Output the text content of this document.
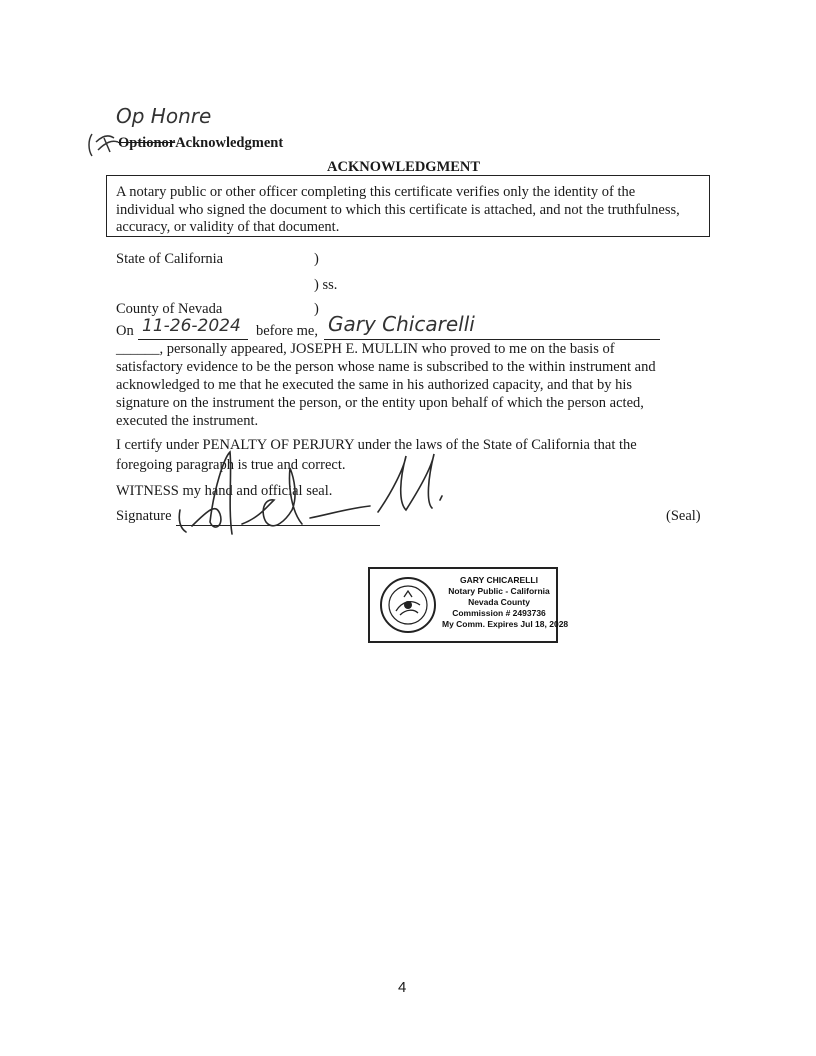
Op Honre
OptionorAcknowledgment
ACKNOWLEDGMENT
A notary public or other officer completing this certificate verifies only the identity of the
individual who signed the document to which this certificate is attached, and not the truthfulness,
accuracy, or validity of that document.
State of California	)
) ss.
County of Nevada	)
On 11-26-2024 before me, Gary Chicarelli
______, personally appeared, JOSEPH E. MULLIN who proved to me on the basis of
satisfactory evidence to be the person whose name is subscribed to the within instrument and
acknowledged to me that he executed the same in his authorized capacity, and that by his
signature on the instrument the person, or the entity upon behalf of which the person acted,
executed the instrument.
I certify under PENALTY OF PERJURY under the laws of the State of California that the
foregoing paragraph is true and correct.
WITNESS my hand and official seal.
Signature	(Seal)
GARY CHICARELLI
Notary Public - California
Nevada County
Commission # 2493736
My Comm. Expires Jul 18, 2028
4
